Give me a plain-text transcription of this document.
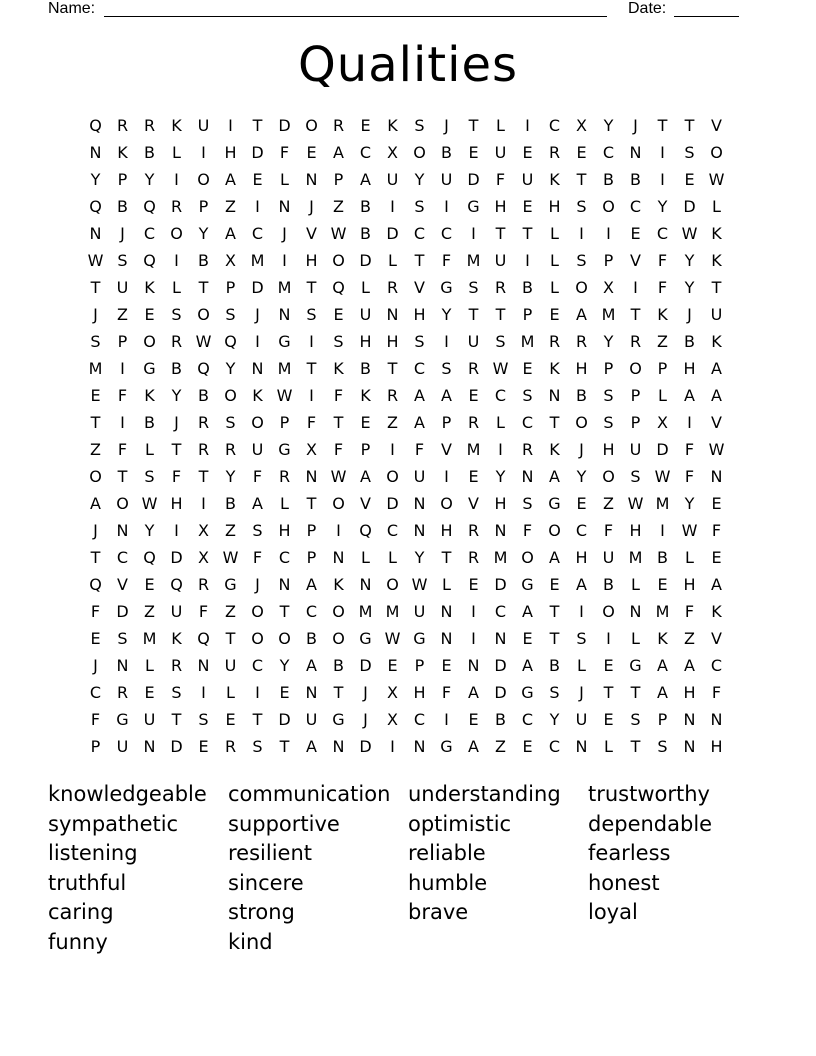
Name:	Date:
Qualities
Q R R	K U	I	T D O R	E	K	S	J	T	L	I	C X	Y	J	T	T	V
N K	B	L	I	H D	F	E	A C X O B	E	U	E	R	E	C N	I	S O
Y	P	Y	I	O A	E	L	N	P	A U	Y	U D	F	U K	T	B	B	I	E W
Q B Q R	P	Z	I	N	J	Z	B	I	S	I	G H E H S O C	Y D	L
N	J	C O Y	A C	J	V W B D C C	I	T	T	L	I	I	E	C W K
W S Q	I	B	X M	I	H O D	L	T	F M U	I	L	S	P	V	F	Y	K
T	U K	L	T	P	D M T Q	L	R V G S	R B	L	O X	I	F	Y	T
J	Z	E	S O S	J	N S	E	U N H	Y	T	T	P	E	A M T	K	J	U
S	P O R W Q	I	G	I	S H H S	I	U	S M R R	Y	R Z	B	K
M	I	G B Q Y	N M T	K	B	T	C	S	R W E	K H	P O P	H A
E	F	K	Y	B O K W	I	F	K	R A	A	E	C	S N B	S	P	L	A	A
T	I	B	J	R	S O P	F	T	E	Z	A	P	R	L	C	T O S	P	X	I	V
Z	F	L	T	R R U G X	F	P	I	F	V M	I	R	K	J	H U D	F W
O T	S	F	T	Y	F	R N W A O U	I	E	Y	N A	Y O S W F	N
A O W H	I	B	A	L	T O V D N O V H S G E	Z W M Y	E
J	N	Y	I	X	Z	S H	P	I	Q C N H R N	F	O C	F	H	I	W F
T	C Q D X W F	C	P	N	L	L	Y	T	R M O A H U M B	L	E
Q V	E Q R G	J	N A	K N O W L	E D G E	A	B	L	E H A
F	D Z U	F	Z O T	C O M M U N	I	C A	T	I	O N M F	K
E	S M K Q T O O B O G W G N	I	N E	T	S	I	L	K	Z	V
J	N	L	R N U C	Y	A	B D E	P	E N D A	B	L	E G A	A C
C R	E	S	I	L	I	E N	T	J	X H	F	A D G S	J	T	T	A H	F
F	G U	T	S	E	T D U G	J	X C	I	E	B C	Y	U	E	S	P	N N
P	U N D E	R	S	T	A N D	I	N G A	Z	E	C N	L	T	S N H
knowledgeable	communication understanding	trustworthy
sympathetic	supportive	optimistic	dependable
listening	resilient	reliable	fearless
truthful	sincere	humble	honest
caring	strong	brave	loyal
funny	kind
